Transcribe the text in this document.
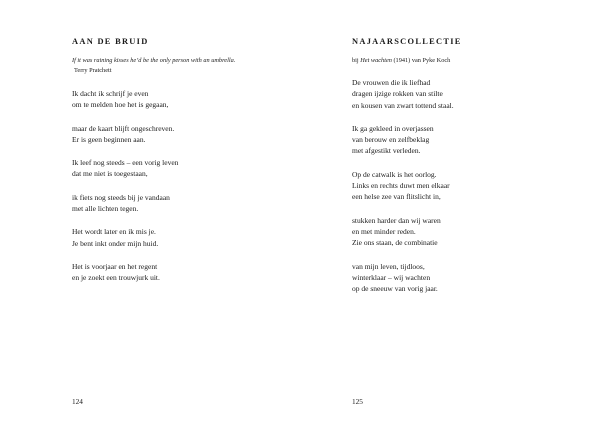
AAN DE BRUID
If it was raining kisses he’d be the only person with an umbrella.
Terry Pratchett
Ik dacht ik schrijf je even
om te melden hoe het is gegaan,
maar de kaart blijft ongeschreven.
Er is geen beginnen aan.
Ik leef nog steeds – een vorig leven
dat me niet is toegestaan,
ik fiets nog steeds bij je vandaan
met alle lichten tegen.
Het wordt later en ik mis je.
Je bent inkt onder mijn huid.
Het is voorjaar en het regent
en je zoekt een trouwjurk uit.
124
NAJAARSCOLLECTIE
bij Het wachten (1941) van Pyke Koch
De vrouwen die ik liefhad
dragen ijzige rokken van stilte
en kousen van zwart tottend staal.
Ik ga gekleed in overjassen
van berouw en zelfbeklag
met afgestikt verleden.
Op de catwalk is het oorlog.
Links en rechts duwt men elkaar
een helse zee van flitslicht in,
stukken harder dan wij waren
en met minder reden.
Zie ons staan, de combinatie
van mijn leven, tijdloos,
winterklaar – wij wachten
op de sneeuw van vorig jaar.
125
